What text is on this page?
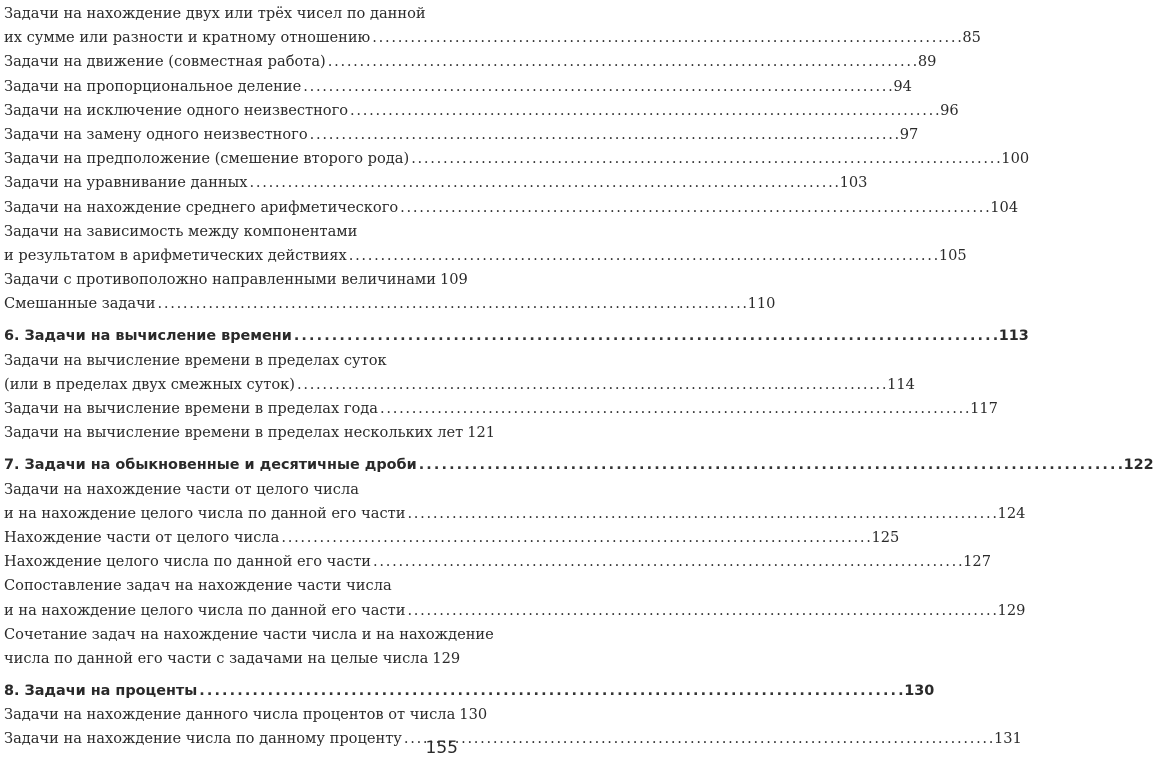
Задачи на нахождение двух или трёх чисел по данной
их сумме или разности и кратному отношению . . .	85
Задачи на движение (совместная работа) . . .	89
Задачи на пропорциональное деление . . .	94
Задачи на исключение одного неизвестного . . .	96
Задачи на замену одного неизвестного . . .	97
Задачи на предположение (смешение второго рода) . . .	100
Задачи на уравнивание данных . . .	103
Задачи на нахождение среднего арифметического . . .	104
Задачи на зависимость между компонентами
и результатом в арифметических действиях . . .	105
Задачи с противоположно направленными величинами 109
Смешанные задачи . . .	110
6. Задачи на вычисление времени . . .	113
Задачи на вычисление времени в пределах суток
(или в пределах двух смежных суток) . . .	114
Задачи на вычисление времени в пределах года . . .	117
Задачи на вычисление времени в пределах нескольких лет 121
7. Задачи на обыкновенные и десятичные дроби . . .	122
Задачи на нахождение части от целого числа
и на нахождение целого числа по данной его части . . .	124
Нахождение части от целого числа . . .	125
Нахождение целого числа по данной его части . . .	127
Сопоставление задач на нахождение части числа
и на нахождение целого числа по данной его части . . .	129
Сочетание задач на нахождение части числа и на нахождение
числа по данной его части с задачами на целые числа 129
8. Задачи на проценты . . .	130
Задачи на нахождение данного числа процентов от числа 130
Задачи на нахождение числа по данному проценту . . .	131
155
